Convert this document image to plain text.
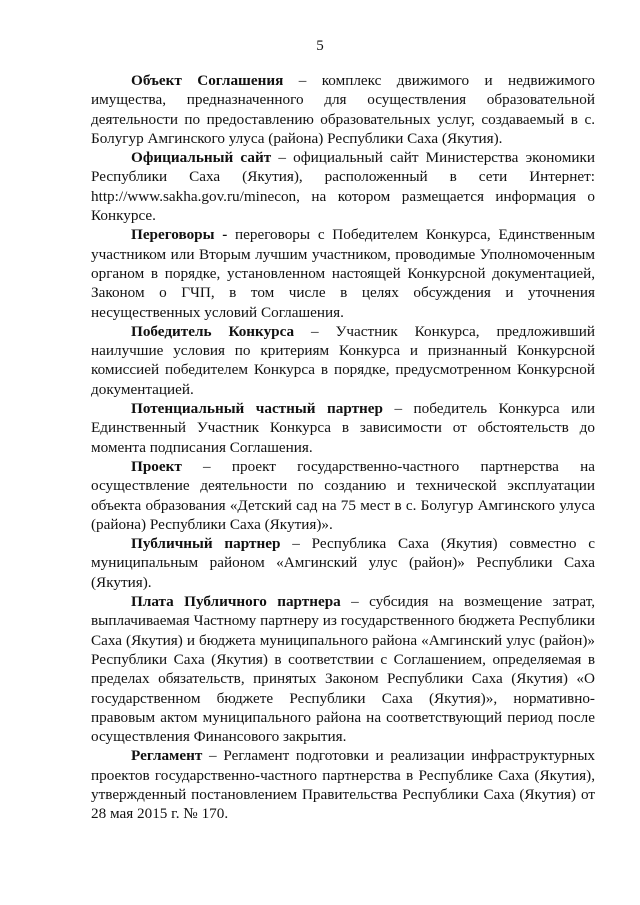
5

Объект Соглашения – комплекс движимого и недвижимого имущества, предназначенного для осуществления образовательной деятельности по предоставлению образовательных услуг, создаваемый в с. Болугур Амгинского улуса (района) Республики Саха (Якутия).

Официальный сайт – официальный сайт Министерства экономики Республики Саха (Якутия), расположенный в сети Интернет: http://www.sakha.gov.ru/minecon, на котором размещается информация о Конкурсе.

Переговоры - переговоры с Победителем Конкурса, Единственным участником или Вторым лучшим участником, проводимые Уполномоченным органом в порядке, установленном настоящей Конкурсной документацией, Законом о ГЧП, в том числе в целях обсуждения и уточнения несущественных условий Соглашения.

Победитель Конкурса – Участник Конкурса, предложивший наилучшие условия по критериям Конкурса и признанный Конкурсной комиссией победителем Конкурса в порядке, предусмотренном Конкурсной документацией.

Потенциальный частный партнер – победитель Конкурса или Единственный Участник Конкурса в зависимости от обстоятельств до момента подписания Соглашения.

Проект – проект государственно-частного партнерства на осуществление деятельности по созданию и технической эксплуатации объекта образования «Детский сад на 75 мест в с. Болугур Амгинского улуса (района) Республики Саха (Якутия)».

Публичный партнер – Республика Саха (Якутия) совместно с муниципальным районом «Амгинский улус (район)» Республики Саха (Якутия).

Плата Публичного партнера – субсидия на возмещение затрат, выплачиваемая Частному партнеру из государственного бюджета Республики Саха (Якутия) и бюджета муниципального района «Амгинский улус (район)» Республики Саха (Якутия) в соответствии с Соглашением, определяемая в пределах обязательств, принятых Законом Республики Саха (Якутия) «О государственном бюджете Республики Саха (Якутия)», нормативно-правовым актом муниципального района на соответствующий период после осуществления Финансового закрытия.

Регламент – Регламент подготовки и реализации инфраструктурных проектов государственно-частного партнерства в Республике Саха (Якутия), утвержденный постановлением Правительства Республики Саха (Якутия) от 28 мая 2015 г. № 170.
